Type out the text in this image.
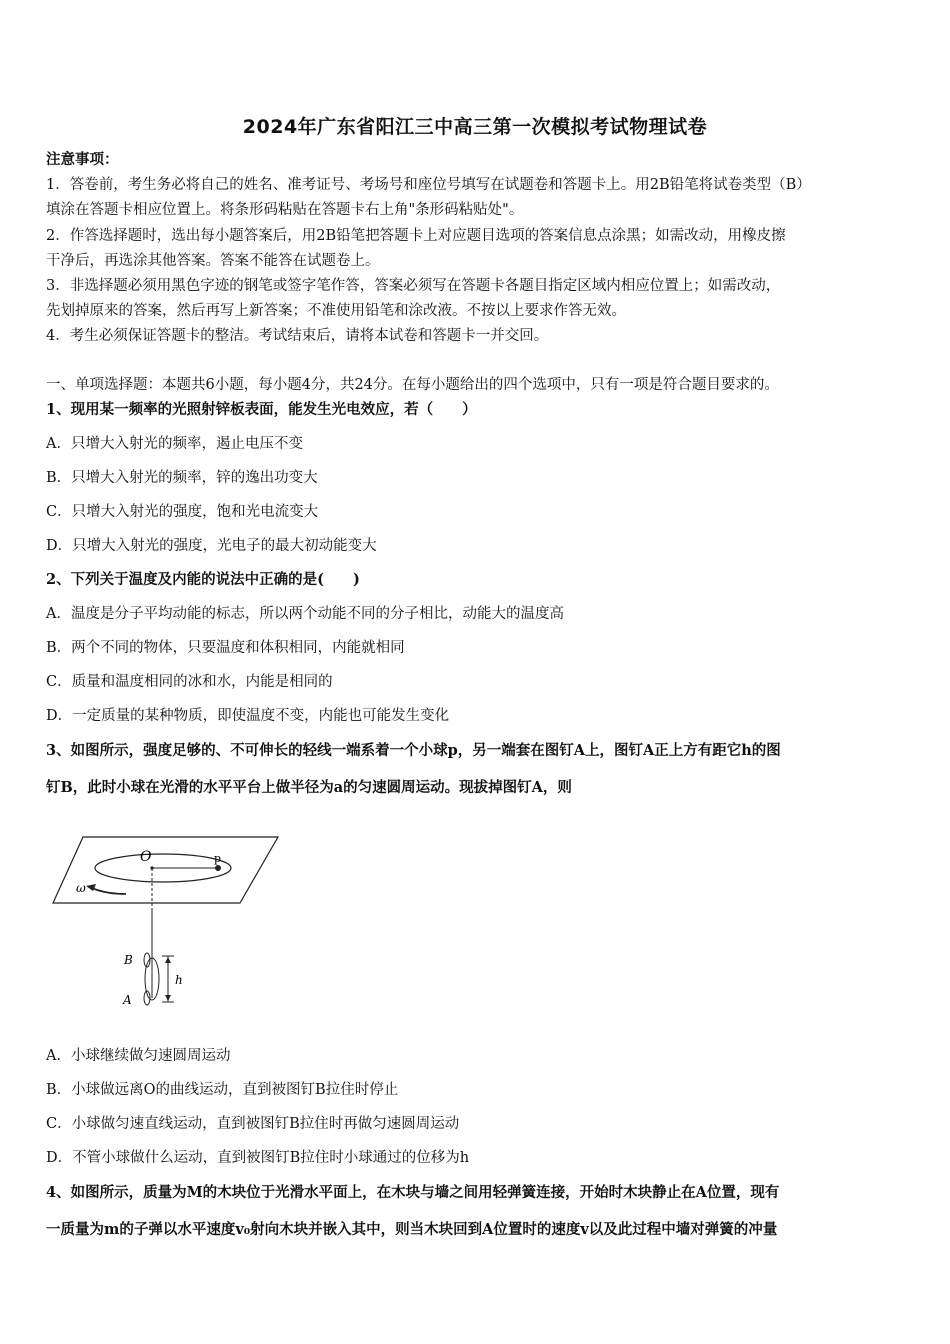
2024年广东省阳江三中高三第一次模拟考试物理试卷
注意事项：
1．答卷前，考生务必将自己的姓名、准考证号、考场号和座位号填写在试题卷和答题卡上。用2B铅笔将试卷类型（B）
填涂在答题卡相应位置上。将条形码粘贴在答题卡右上角"条形码粘贴处"。
2．作答选择题时，选出每小题答案后，用2B铅笔把答题卡上对应题目选项的答案信息点涂黑；如需改动，用橡皮擦
干净后，再选涂其他答案。答案不能答在试题卷上。
3．非选择题必须用黑色字迹的钢笔或签字笔作答，答案必须写在答题卡各题目指定区域内相应位置上；如需改动，
先划掉原来的答案，然后再写上新答案；不准使用铅笔和涂改液。不按以上要求作答无效。
4．考生必须保证答题卡的整洁。考试结束后，请将本试卷和答题卡一并交回。
一、单项选择题：本题共6小题，每小题4分，共24分。在每小题给出的四个选项中，只有一项是符合题目要求的。
1、现用某一频率的光照射锌板表面，能发生光电效应，若（　　）
A．只增大入射光的频率，遏止电压不变
B．只增大入射光的频率，锌的逸出功变大
C．只增大入射光的强度，饱和光电流变大
D．只增大入射光的强度，光电子的最大初动能变大
2、下列关于温度及内能的说法中正确的是(　　)
A．温度是分子平均动能的标志，所以两个动能不同的分子相比，动能大的温度高
B．两个不同的物体，只要温度和体积相同，内能就相同
C．质量和温度相同的冰和水，内能是相同的
D．一定质量的某种物质，即使温度不变，内能也可能发生变化
3、如图所示，强度足够的、不可伸长的轻线一端系着一个小球p，另一端套在图钉A上，图钉A正上方有距它h的图
钉B，此时小球在光滑的水平平台上做半径为a的匀速圆周运动。现拔掉图钉A，则
O	p
ω
B
A
h
A．小球继续做匀速圆周运动
B．小球做远离O的曲线运动，直到被图钉B拉住时停止
C．小球做匀速直线运动，直到被图钉B拉住时再做匀速圆周运动
D．不管小球做什么运动，直到被图钉B拉住时小球通过的位移为h
4、如图所示，质量为M的木块位于光滑水平面上，在木块与墙之间用轻弹簧连接，开始时木块静止在A位置，现有
一质量为m的子弹以水平速度v₀射向木块并嵌入其中，则当木块回到A位置时的速度v以及此过程中墙对弹簧的冲量
